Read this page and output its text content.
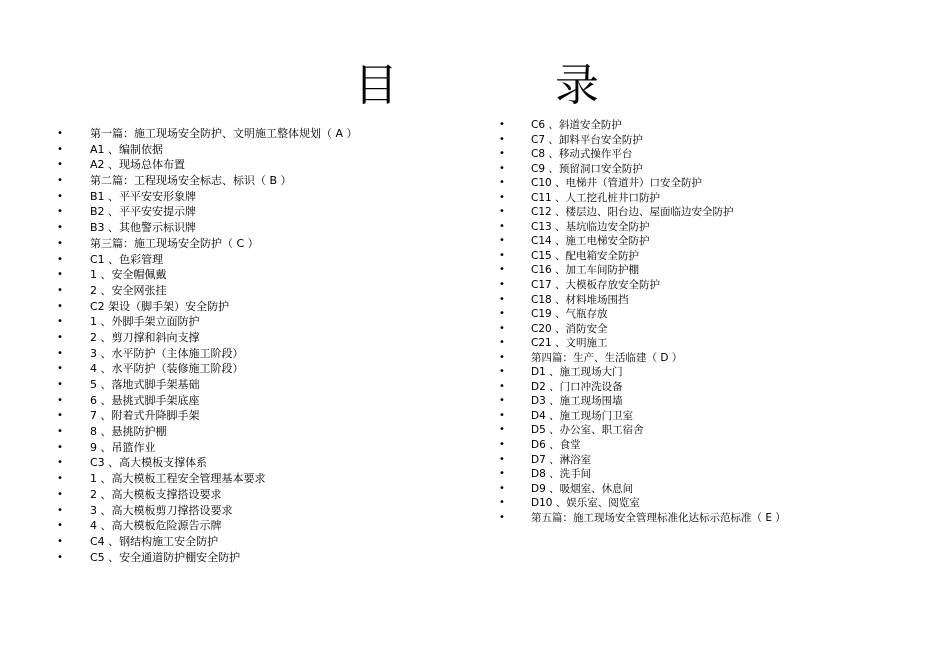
目	录
• 第一篇：施工现场安全防护、文明施工整体规划（ A ）
• A1 、编制依据
• A2 、现场总体布置
• 第二篇：工程现场安全标志、标识（ B ）
• B1 、平平安安形象牌
• B2 、平平安安提示牌
• B3 、其他警示标识牌
• 第三篇：施工现场安全防护（ C ）
• C1 、色彩管理
• 1 、安全帽佩戴
• 2 、安全网张挂
• C2 架设（脚手架）安全防护
• 1 、外脚手架立面防护
• 2 、剪刀撑和斜向支撑
• 3 、水平防护（主体施工阶段）
• 4 、水平防护（装修施工阶段）
• 5 、落地式脚手架基础
• 6 、悬挑式脚手架底座
• 7 、附着式升降脚手架
• 8 、悬挑防护棚
• 9 、吊篮作业
• C3 、高大模板支撑体系
• 1 、高大模板工程安全管理基本要求
• 2 、高大模板支撑搭设要求
• 3 、高大模板剪刀撑搭设要求
• 4 、高大模板危险源告示牌
• C4 、钢结构施工安全防护
• C5 、安全通道防护棚安全防护
• C6 、斜道安全防护
• C7 、卸料平台安全防护
• C8 、移动式操作平台
• C9 、预留洞口安全防护
• C10 、电梯井（管道井）口安全防护
• C11 、人工挖孔桩井口防护
• C12 、楼层边、阳台边、屋面临边安全防护
• C13 、基坑临边安全防护
• C14 、施工电梯安全防护
• C15 、配电箱安全防护
• C16 、加工车间防护棚
• C17 、大模板存放安全防护
• C18 、材料堆场围挡
• C19 、气瓶存放
• C20 、消防安全
• C21 、文明施工
• 第四篇：生产、生活临建（ D ）
• D1 、施工现场大门
• D2 、门口冲洗设备
• D3 、施工现场围墙
• D4 、施工现场门卫室
• D5 、办公室、职工宿舍
• D6 、食堂
• D7 、淋浴室
• D8 、洗手间
• D9 、吸烟室、休息间
• D10 、娱乐室、阅览室
• 第五篇：施工现场安全管理标准化达标示范标准（ E ）
